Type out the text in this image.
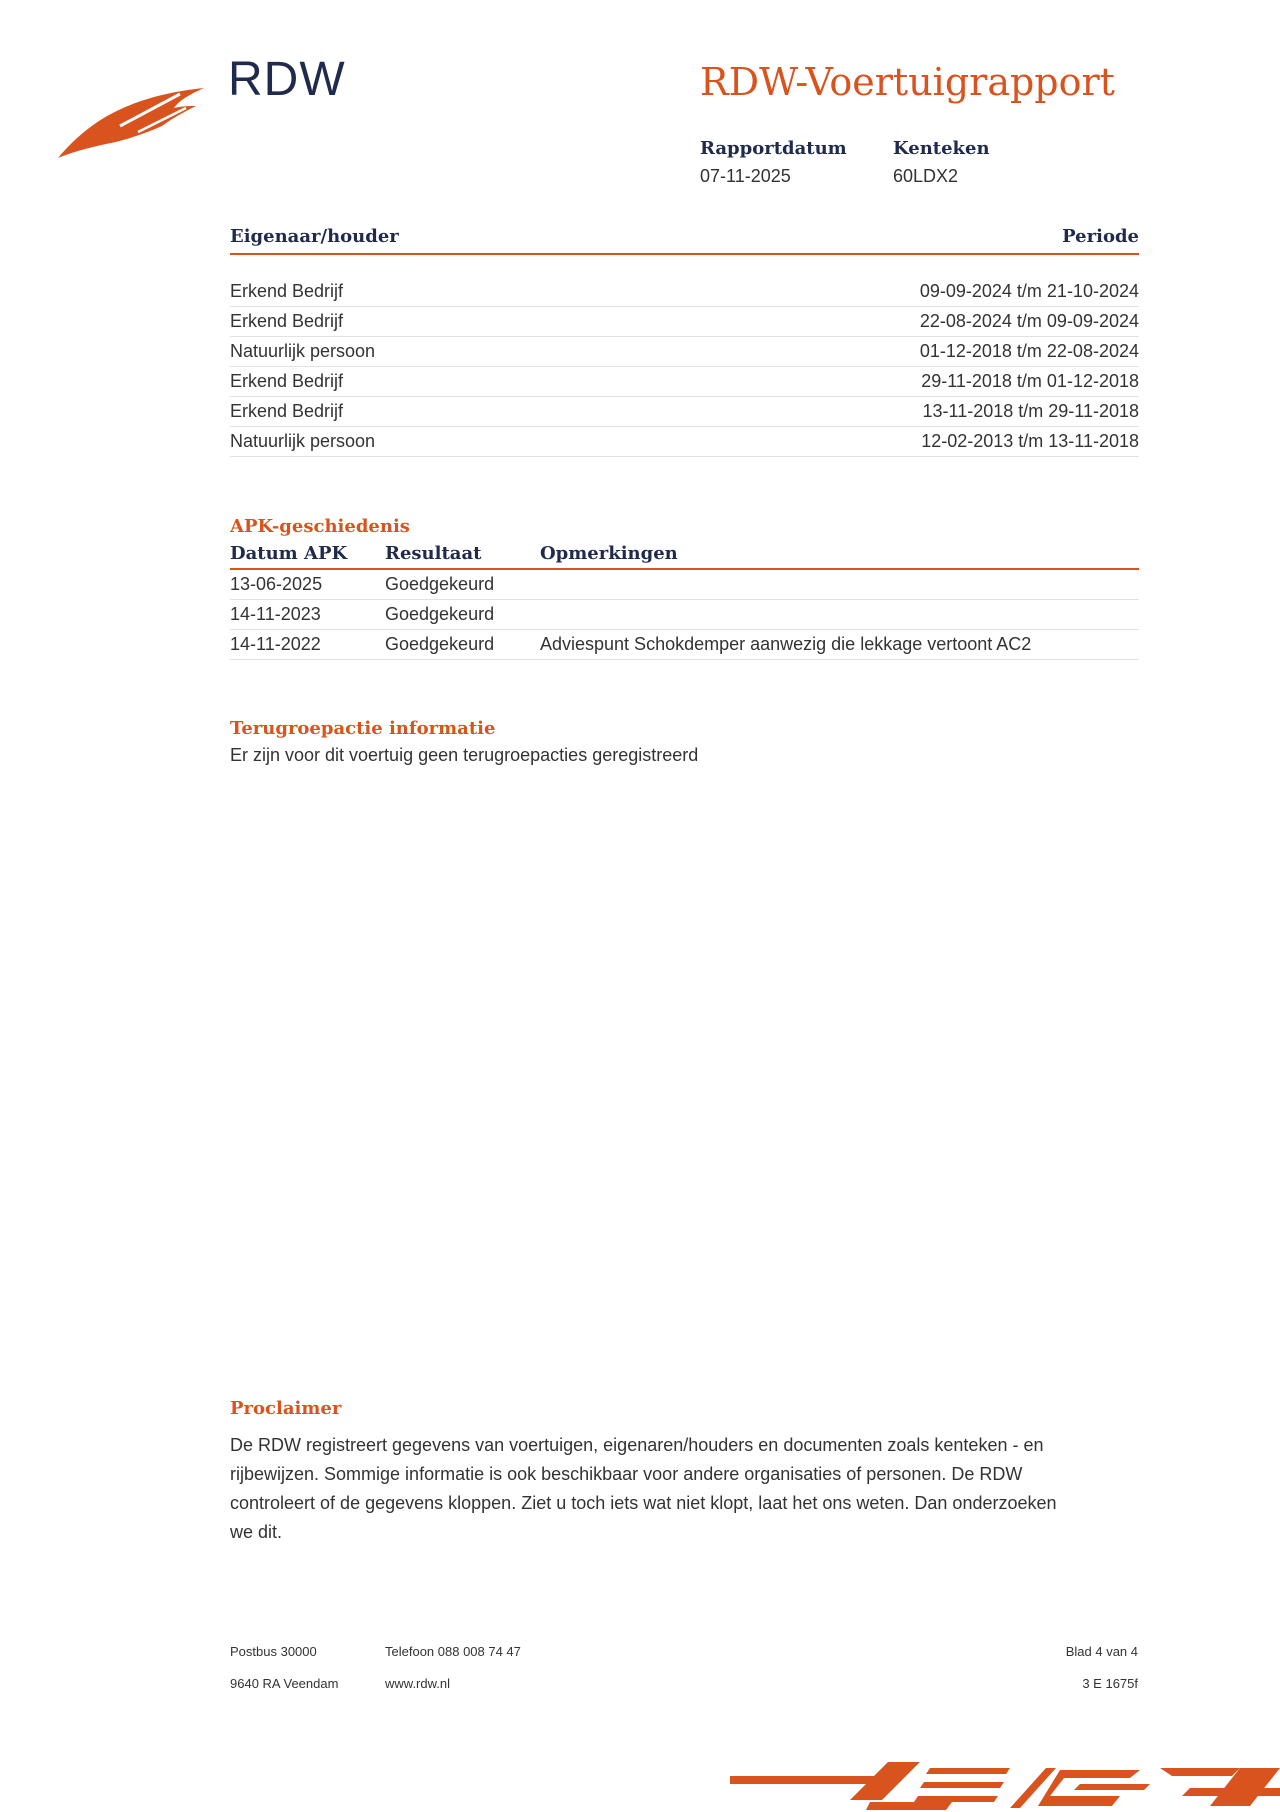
RDW	RDW-Voertuigrapport
Rapportdatum
07-11-2025
Kenteken
60LDX2
Eigenaar/houder	Periode
Erkend Bedrijf	09-09-2024 t/m 21-10-2024
Erkend Bedrijf	22-08-2024 t/m 09-09-2024
Natuurlijk persoon	01-12-2018 t/m 22-08-2024
Erkend Bedrijf	29-11-2018 t/m 01-12-2018
Erkend Bedrijf	13-11-2018 t/m 29-11-2018
Natuurlijk persoon	12-02-2013 t/m 13-11-2018
APK-geschiedenis
Datum APK	Resultaat	Opmerkingen
13-06-2025	Goedgekeurd
14-11-2023	Goedgekeurd
14-11-2022	Goedgekeurd	Adviespunt Schokdemper aanwezig die lekkage vertoont AC2
Terugroepactie informatie
Er zijn voor dit voertuig geen terugroepacties geregistreerd
Proclaimer
De RDW registreert gegevens van voertuigen, eigenaren/houders en documenten zoals kenteken - en
rijbewijzen. Sommige informatie is ook beschikbaar voor andere organisaties of personen. De RDW
controleert of de gegevens kloppen. Ziet u toch iets wat niet klopt, laat het ons weten. Dan onderzoeken
we dit.
Postbus 30000
9640 RA Veendam
Telefoon 088 008 74 47
www.rdw.nl
Blad 4 van 4
3 E 1675f
